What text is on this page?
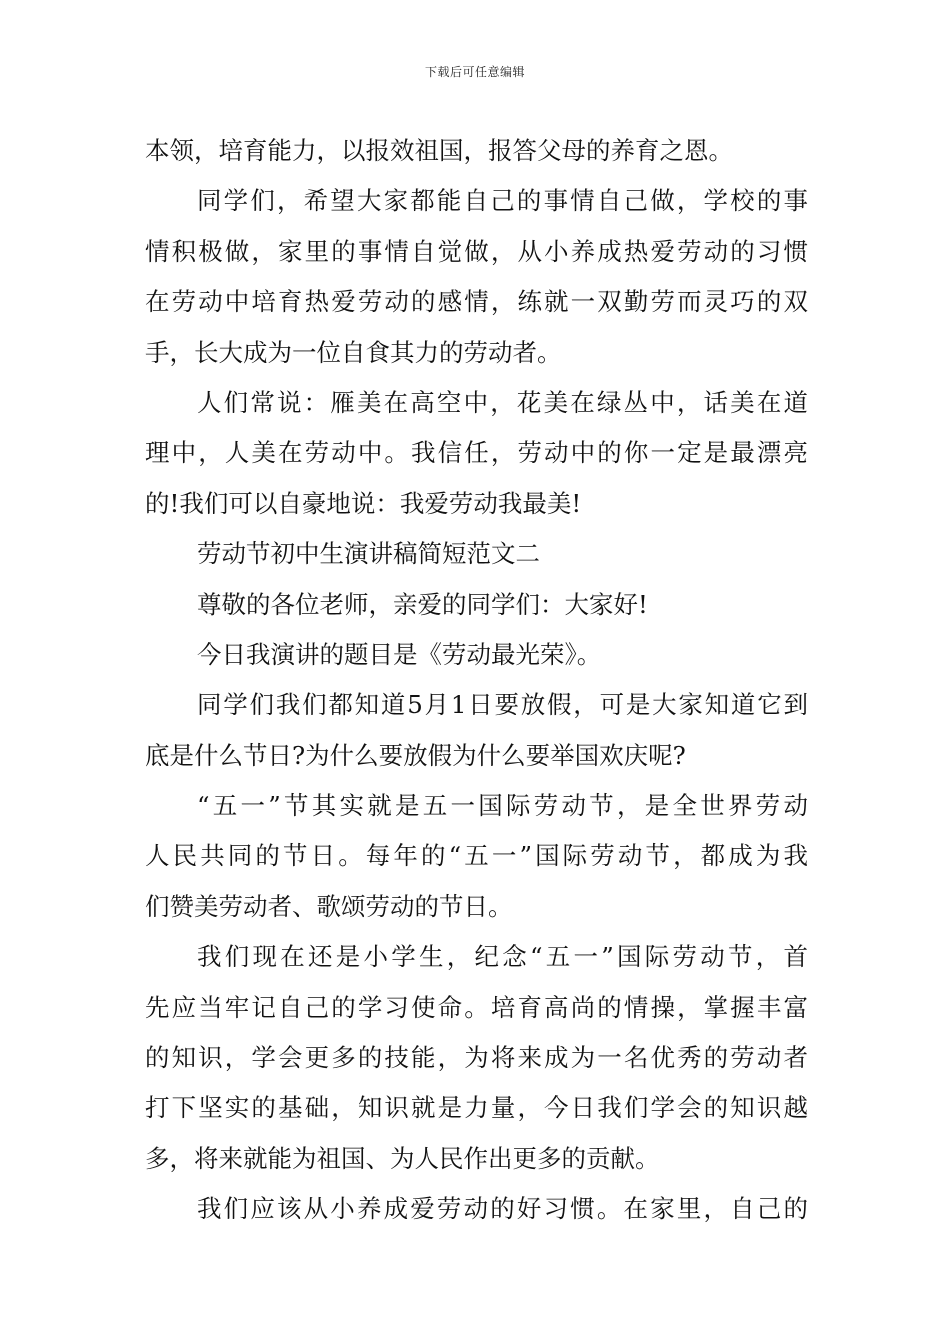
下载后可任意编辑
本领，培育能力，以报效祖国，报答父母的养育之恩。
同学们，希望大家都能自己的事情自己做，学校的事
情积极做，家里的事情自觉做，从小养成热爱劳动的习惯
在劳动中培育热爱劳动的感情，练就一双勤劳而灵巧的双
手，长大成为一位自食其力的劳动者。
人们常说：雁美在高空中，花美在绿丛中，话美在道
理中，人美在劳动中。我信任，劳动中的你一定是最漂亮
的!我们可以自豪地说：我爱劳动我最美!
劳动节初中生演讲稿简短范文二
尊敬的各位老师，亲爱的同学们：大家好!
今日我演讲的题目是《劳动最光荣》。
同学们我们都知道5月1日要放假，可是大家知道它到
底是什么节日?为什么要放假为什么要举国欢庆呢?
“五一”节其实就是五一国际劳动节，是全世界劳动
人民共同的节日。每年的“五一”国际劳动节，都成为我
们赞美劳动者、歌颂劳动的节日。
我们现在还是小学生，纪念“五一”国际劳动节，首
先应当牢记自己的学习使命。培育高尚的情操，掌握丰富
的知识，学会更多的技能，为将来成为一名优秀的劳动者
打下坚实的基础，知识就是力量，今日我们学会的知识越
多，将来就能为祖国、为人民作出更多的贡献。
我们应该从小养成爱劳动的好习惯。在家里，自己的
